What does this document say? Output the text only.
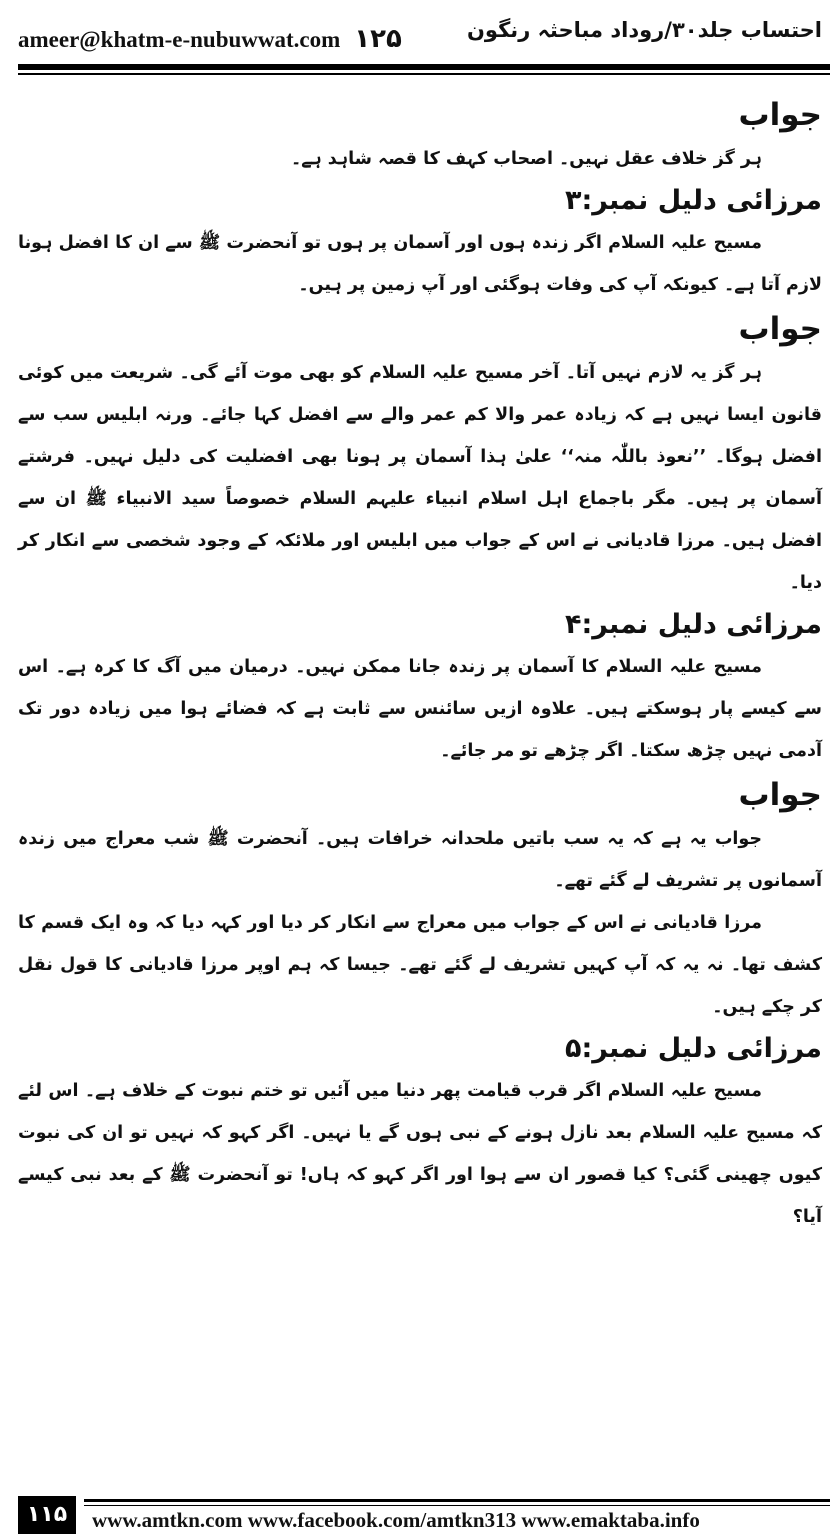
ameer@khatm-e-nubuwwat.com ۱۲۵	احتساب جلد۳۰/روداد مباحثہ رنگون
جواب
ہر گز خلاف عقل نہیں۔ اصحاب کہف کا قصہ شاہد ہے۔
مرزائی دلیل نمبر:۳
مسیح علیہ السلام اگر زندہ ہوں اور آسمان پر ہوں تو آنحضرت ﷺ سے ان کا افضل ہونا لازم آتا ہے۔ کیونکہ آپ کی وفات ہوگئی اور آپ زمین پر ہیں۔
جواب
ہر گز یہ لازم نہیں آتا۔ آخر مسیح علیہ السلام کو بھی موت آئے گی۔ شریعت میں کوئی قانون ایسا نہیں ہے کہ زیادہ عمر والا کم عمر والے سے افضل کہا جائے۔ ورنہ ابلیس سب سے افضل ہوگا۔ ’’نعوذ باللّٰہ منہ‘‘ علیٰ ہذا آسمان پر ہونا بھی افضلیت کی دلیل نہیں۔ فرشتے آسمان پر ہیں۔ مگر باجماع اہل اسلام انبیاء علیہم السلام خصوصاً سید الانبیاء ﷺ ان سے افضل ہیں۔ مرزا قادیانی نے اس کے جواب میں ابلیس اور ملائکہ کے وجود شخصی سے انکار کر دیا۔
مرزائی دلیل نمبر:۴
مسیح علیہ السلام کا آسمان پر زندہ جانا ممکن نہیں۔ درمیان میں آگ کا کرہ ہے۔ اس سے کیسے پار ہوسکتے ہیں۔ علاوہ ازیں سائنس سے ثابت ہے کہ فضائے ہوا میں زیادہ دور تک آدمی نہیں چڑھ سکتا۔ اگر چڑھے تو مر جائے۔
جواب
جواب یہ ہے کہ یہ سب باتیں ملحدانہ خرافات ہیں۔ آنحضرت ﷺ شب معراج میں زندہ آسمانوں پر تشریف لے گئے تھے۔
مرزا قادیانی نے اس کے جواب میں معراج سے انکار کر دیا اور کہہ دیا کہ وہ ایک قسم کا کشف تھا۔ نہ یہ کہ آپ کہیں تشریف لے گئے تھے۔ جیسا کہ ہم اوپر مرزا قادیانی کا قول نقل کر چکے ہیں۔
مرزائی دلیل نمبر:۵
مسیح علیہ السلام اگر قرب قیامت پھر دنیا میں آئیں تو ختم نبوت کے خلاف ہے۔ اس لئے کہ مسیح علیہ السلام بعد نازل ہونے کے نبی ہوں گے یا نہیں۔ اگر کہو کہ نہیں تو ان کی نبوت کیوں چھینی گئی؟ کیا قصور ان سے ہوا اور اگر کہو کہ ہاں! تو آنحضرت ﷺ کے بعد نبی کیسے آیا؟
۱۱۵	www.amtkn.com www.facebook.com/amtkn313 www.emaktaba.info
